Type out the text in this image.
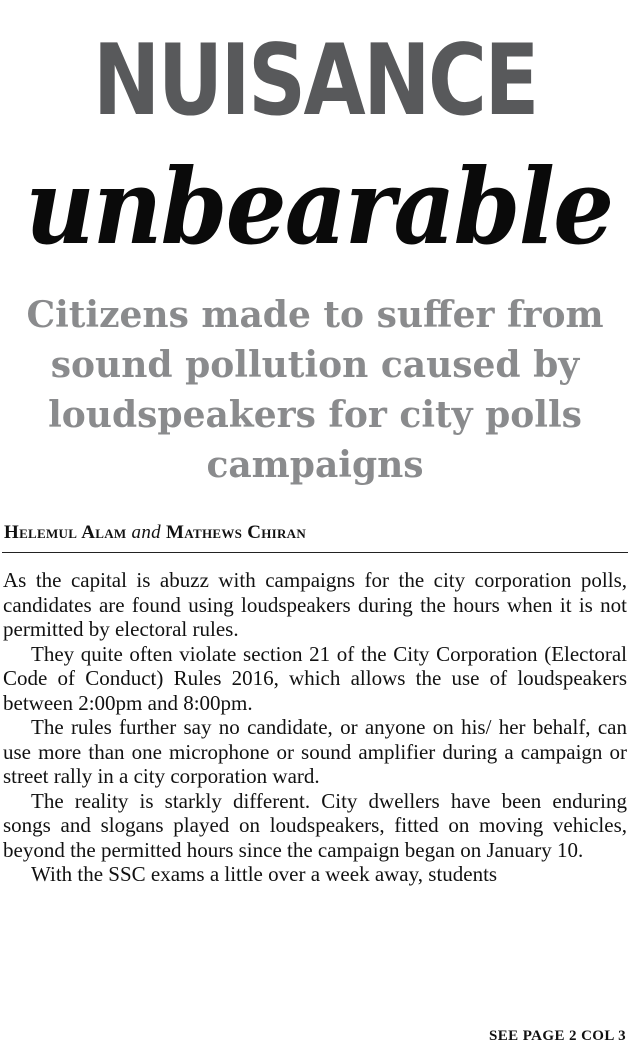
NUISANCE
unbearable
Citizens made to suffer from sound pollution caused by loudspeakers for city polls campaigns
Helemul Alam and Mathews Chiran

As the capital is abuzz with campaigns for the city corporation polls, candidates are found using loudspeakers during the hours when it is not permitted by electoral rules.

They quite often violate section 21 of the City Corporation (Electoral Code of Conduct) Rules 2016, which allows the use of loudspeakers between 2:00pm and 8:00pm.

The rules further say no candidate, or anyone on his/ her behalf, can use more than one microphone or sound amplifier during a campaign or street rally in a city corporation ward.

The reality is starkly different. City dwellers have been enduring songs and slogans played on loudspeakers, fitted on moving vehicles, beyond the permitted hours since the campaign began on January 10.

With the SSC exams a little over a week away, students

SEE PAGE 2 COL 3
